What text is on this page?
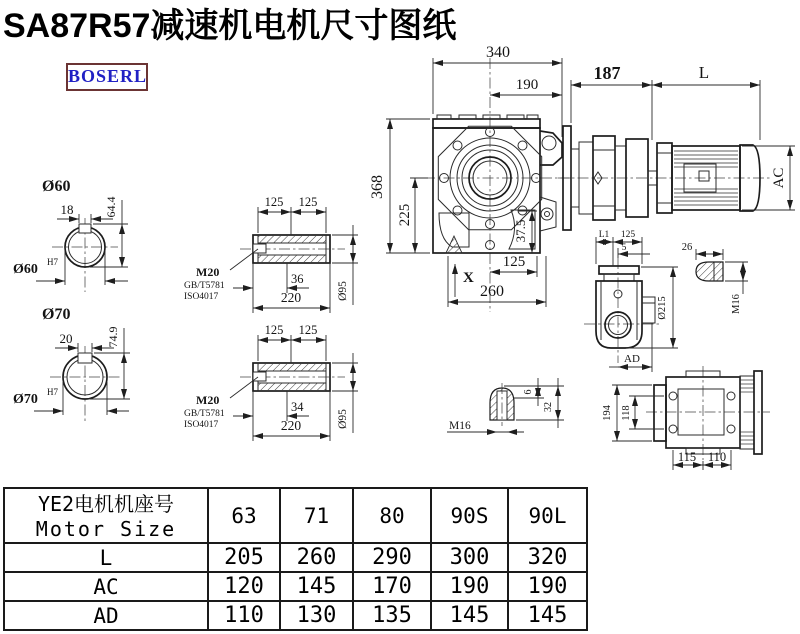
SA87R57减速机电机尺寸图纸
BOSERL
340
190
368
225
37.5
125
260
X
187	L
AC
Ø60
18	64.4
Ø60 H7
Ø70
20	74.9
Ø70 H7
125 125
M20
GB/T5781
ISO4017
36
220	Ø95
125 125
M20
GB/T5781
ISO4017
34
220	Ø95
L1 125
5
Ø215
AD
26
M16
M16
6
32	194 118
115 110
YE2电机机座号
Motor Size	63	71	80	90S	90L
L	205	260	290	300	320
AC	120	145	170	190	190
AD	110	130	135	145	145
